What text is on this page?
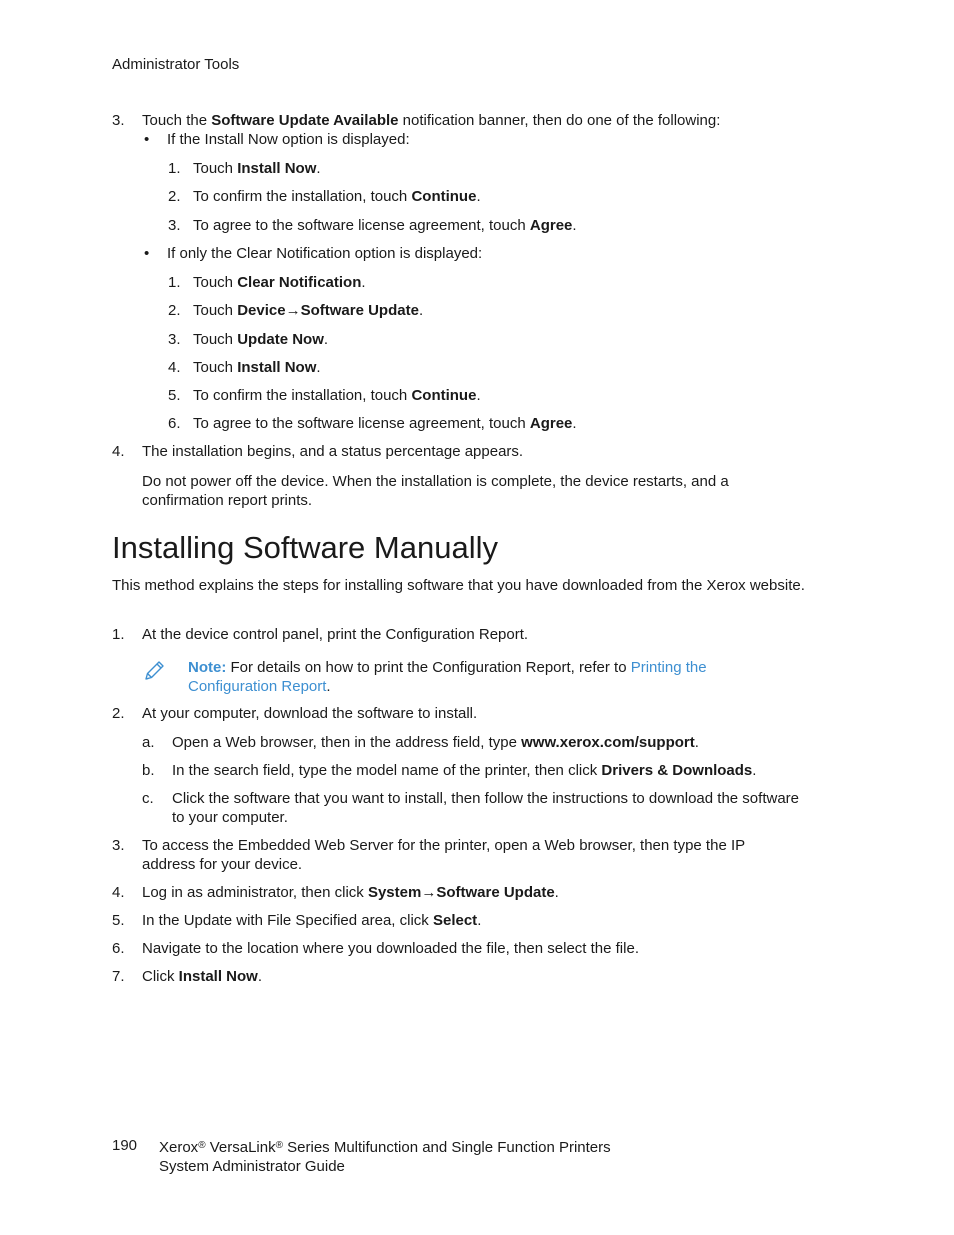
Administrator Tools
3. Touch the Software Update Available notification banner, then do one of the following:
• If the Install Now option is displayed:
1. Touch Install Now.
2. To confirm the installation, touch Continue.
3. To agree to the software license agreement, touch Agree.
• If only the Clear Notification option is displayed:
1. Touch Clear Notification.
2. Touch Device→Software Update.
3. Touch Update Now.
4. Touch Install Now.
5. To confirm the installation, touch Continue.
6. To agree to the software license agreement, touch Agree.
4. The installation begins, and a status percentage appears.
Do not power off the device. When the installation is complete, the device restarts, and a confirmation report prints.
Installing Software Manually
This method explains the steps for installing software that you have downloaded from the Xerox website.
1. At the device control panel, print the Configuration Report.
Note: For details on how to print the Configuration Report, refer to Printing the Configuration Report.
2. At your computer, download the software to install.
a. Open a Web browser, then in the address field, type www.xerox.com/support.
b. In the search field, type the model name of the printer, then click Drivers & Downloads.
c. Click the software that you want to install, then follow the instructions to download the software to your computer.
3. To access the Embedded Web Server for the printer, open a Web browser, then type the IP address for your device.
4. Log in as administrator, then click System→Software Update.
5. In the Update with File Specified area, click Select.
6. Navigate to the location where you downloaded the file, then select the file.
7. Click Install Now.
190 Xerox® VersaLink® Series Multifunction and Single Function Printers
System Administrator Guide
